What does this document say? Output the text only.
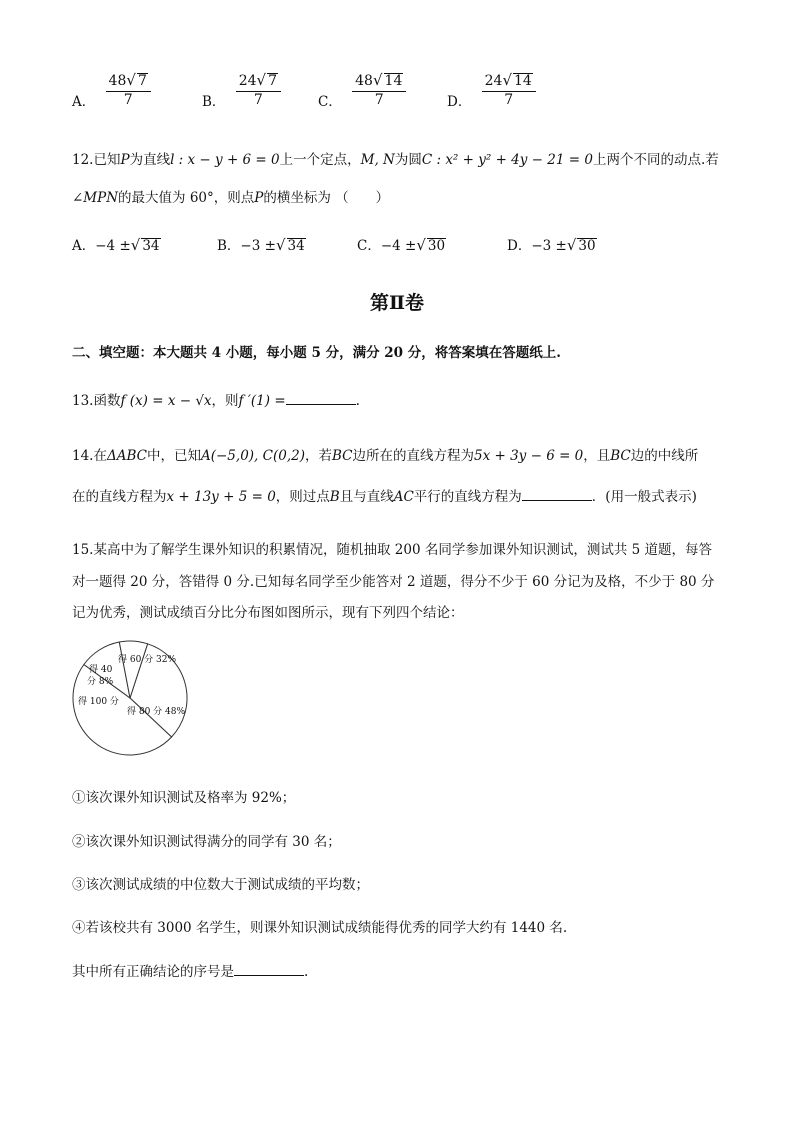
A． $\frac{48√ 7}{7}$	B． $\frac{24√ 7}{7}$	C． $\frac{48√ 14}{7}$	D． $\frac{24√ 14}{7}$
12.已知P为直线l : x − y + 6 = 0上一个定点，M, N为圆C : x² + y² + 4y − 21 = 0上两个不同的动点.若
∠MPN的最大值为 60°，则点P的横坐标为 （　　）
A．−4 ±√ 34	B．−3 ±√ 34	C．−4 ±√ 30	D．−3 ±√ 30
第Ⅱ卷
二、填空题：本大题共 4 小题，每小题 5 分，满分 20 分，将答案填在答题纸上.
13.函数f (x) = x − √x，则f ′(1) =	.
14.在ΔABC中，已知A(−5,0), C(0,2)，若BC边所在的直线方程为5x + 3y − 6 = 0，且BC边的中线所
在的直线方程为x + 13y + 5 = 0，则过点B且与直线AC平行的直线方程为	．(用一般式表示)
15.某高中为了解学生课外知识的积累情况，随机抽取 200 名同学参加课外知识测试，测试共 5 道题，每答
对一题得 20 分，答错得 0 分.已知每名同学至少能答对 2 道题，得分不少于 60 分记为及格，不少于 80 分
记为优秀，测试成绩百分比分布图如图所示，现有下列四个结论：
得 60 分 32%
得 40
分 8%
得 100 分
得 80 分 48%
①该次课外知识测试及格率为 92%；
②该次课外知识测试得满分的同学有 30 名；
③该次测试成绩的中位数大于测试成绩的平均数；
④若该校共有 3000 名学生，则课外知识测试成绩能得优秀的同学大约有 1440 名.
其中所有正确结论的序号是	.
